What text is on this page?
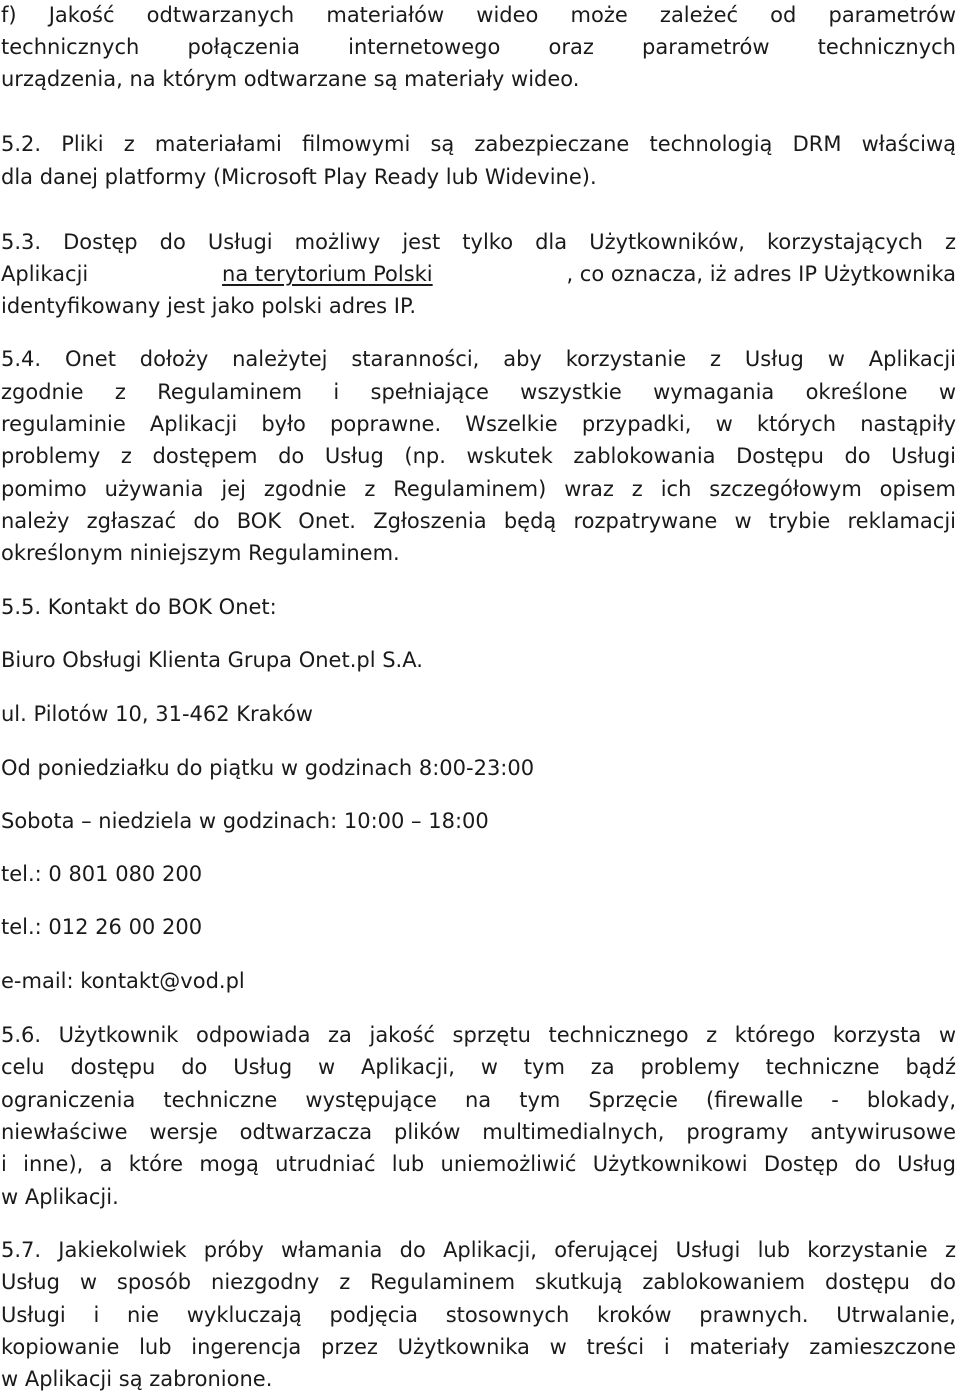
f) Jakość odtwarzanych materiałów wideo może zależeć od parametrów
technicznych połączenia internetowego oraz parametrów technicznych
urządzenia, na którym odtwarzane są materiały wideo.
5.2. Pliki z materiałami filmowymi są zabezpieczane technologią DRM właściwą
dla danej platformy (Microsoft Play Ready lub Widevine).
5.3. Dostęp do Usługi możliwy jest tylko dla Użytkowników, korzystających z
Aplikacji	na terytorium Polski	, co oznacza, iż adres IP Użytkownika
identyfikowany jest jako polski adres IP.
5.4. Onet dołoży należytej staranności, aby korzystanie z Usług w Aplikacji
zgodnie z Regulaminem i spełniające wszystkie wymagania określone w
regulaminie Aplikacji było poprawne. Wszelkie przypadki, w których nastąpiły
problemy z dostępem do Usług (np. wskutek zablokowania Dostępu do Usługi
pomimo używania jej zgodnie z Regulaminem) wraz z ich szczegółowym opisem
należy zgłaszać do BOK Onet. Zgłoszenia będą rozpatrywane w trybie reklamacji
określonym niniejszym Regulaminem.
5.5. Kontakt do BOK Onet:
Biuro Obsługi Klienta Grupa Onet.pl S.A.
ul. Pilotów 10, 31-462 Kraków
Od poniedziałku do piątku w godzinach 8:00-23:00
Sobota – niedziela w godzinach: 10:00 – 18:00
tel.: 0 801 080 200
tel.: 012 26 00 200
e-mail: kontakt@vod.pl
5.6. Użytkownik odpowiada za jakość sprzętu technicznego z którego korzysta w
celu dostępu do Usług w Aplikacji, w tym za problemy techniczne bądź
ograniczenia techniczne występujące na tym Sprzęcie (firewalle - blokady,
niewłaściwe wersje odtwarzacza plików multimedialnych, programy antywirusowe
i inne), a które mogą utrudniać lub uniemożliwić Użytkownikowi Dostęp do Usług
w Aplikacji.
5.7. Jakiekolwiek próby włamania do Aplikacji, oferującej Usługi lub korzystanie z
Usług w sposób niezgodny z Regulaminem skutkują zablokowaniem dostępu do
Usługi i nie wykluczają podjęcia stosownych kroków prawnych. Utrwalanie,
kopiowanie lub ingerencja przez Użytkownika w treści i materiały zamieszczone
w Aplikacji są zabronione.
